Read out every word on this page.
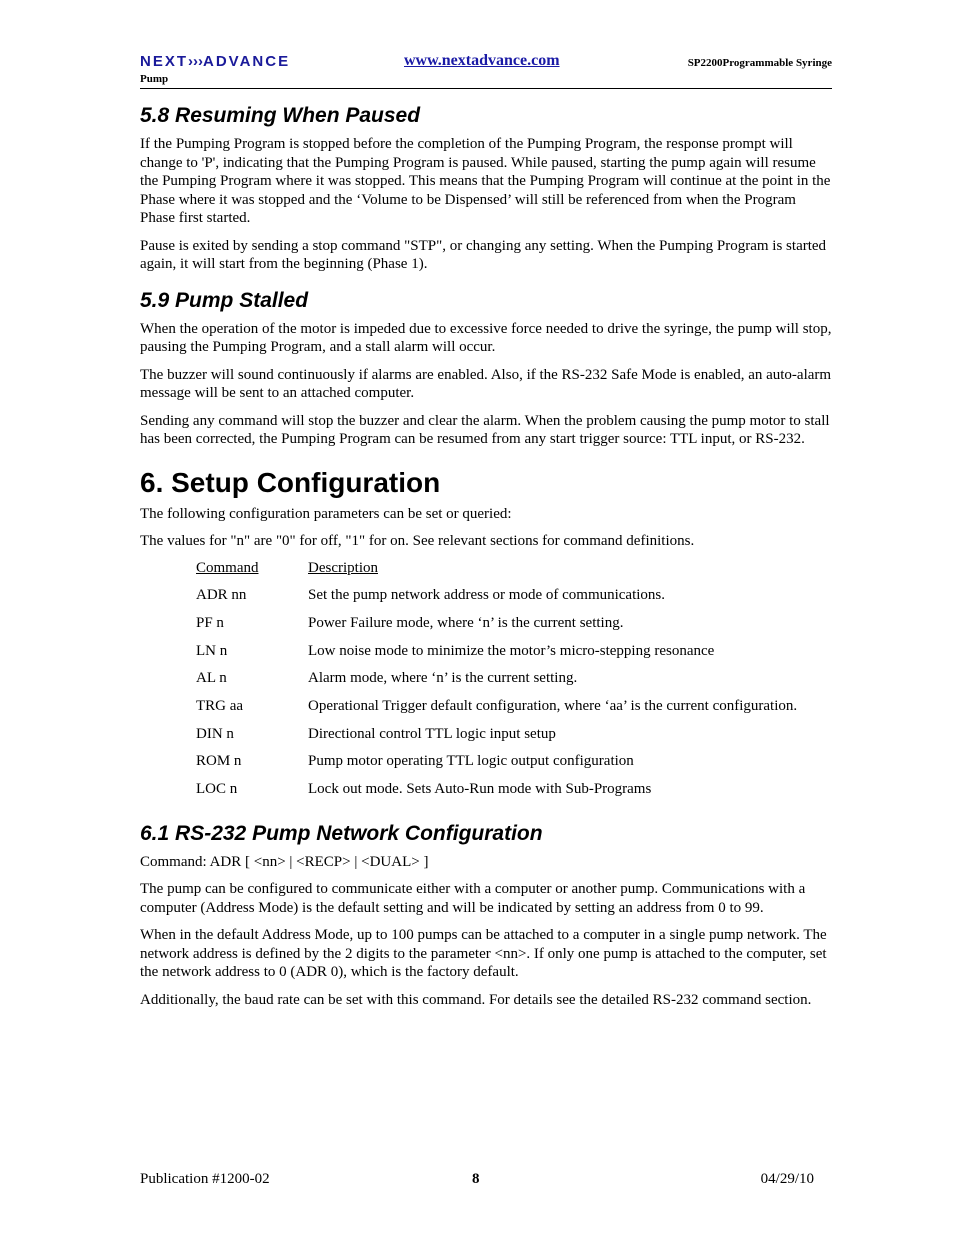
NEXT›››ADVANCE	www.nextadvance.com	SP2200Programmable Syringe
Pump
5.8 Resuming When Paused

If the Pumping Program is stopped before the completion of the Pumping Program, the response prompt will change to 'P', indicating that the Pumping Program is paused. While paused, starting the pump again will resume the Pumping Program where it was stopped. This means that the Pumping Program will continue at the point in the Phase where it was stopped and the ‘Volume to be Dispensed’ will still be referenced from when the Program Phase first started.

Pause is exited by sending a stop command "STP", or changing any setting. When the Pumping Program is started again, it will start from the beginning (Phase 1).

5.9 Pump Stalled

When the operation of the motor is impeded due to excessive force needed to drive the syringe, the pump will stop, pausing the Pumping Program, and a stall alarm will occur.

The buzzer will sound continuously if alarms are enabled. Also, if the RS-232 Safe Mode is enabled, an auto-alarm message will be sent to an attached computer.

Sending any command will stop the buzzer and clear the alarm. When the problem causing the pump motor to stall has been corrected, the Pumping Program can be resumed from any start trigger source: TTL input, or RS-232.

6. Setup Configuration

The following configuration parameters can be set or queried:

The values for "n" are "0" for off, "1" for on. See relevant sections for command definitions.

Command	Description
ADR nn	Set the pump network address or mode of communications.
PF n	Power Failure mode, where ‘n’ is the current setting.
LN n	Low noise mode to minimize the motor’s micro-stepping resonance
AL n	Alarm mode, where ‘n’ is the current setting.
TRG aa	Operational Trigger default configuration, where ‘aa’ is the current configuration.
DIN n	Directional control TTL logic input setup
ROM n	Pump motor operating TTL logic output configuration
LOC n	Lock out mode. Sets Auto-Run mode with Sub-Programs
6.1 RS-232 Pump Network Configuration

Command: ADR [ <nn> | <RECP> | <DUAL> ]

The pump can be configured to communicate either with a computer or another pump. Communications with a computer (Address Mode) is the default setting and will be indicated by setting an address from 0 to 99.

When in the default Address Mode, up to 100 pumps can be attached to a computer in a single pump network. The network address is defined by the 2 digits to the parameter <nn>. If only one pump is attached to the computer, set the network address to 0 (ADR 0), which is the factory default.

Additionally, the baud rate can be set with this command. For details see the detailed RS-232 command section.

Publication #1200-02	8	04/29/10
